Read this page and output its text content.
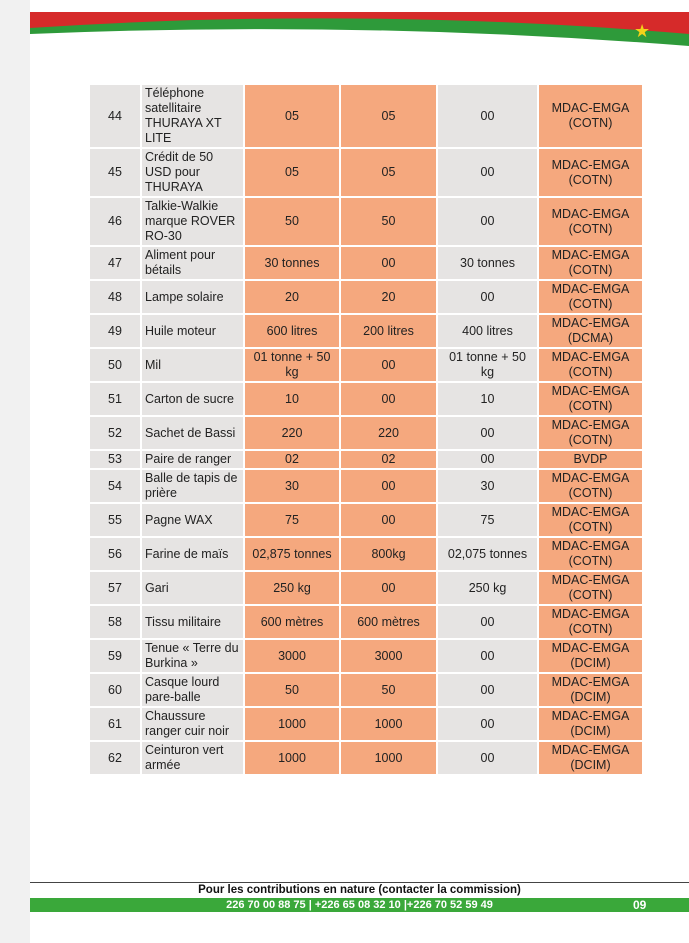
★
44	Téléphone satellitaire THURAYA XT LITE	05	05	00	MDAC-EMGA (COTN)
45	Crédit de 50 USD pour THURAYA	05	05	00	MDAC-EMGA (COTN)
46	Talkie-Walkie marque ROVER RO-30	50	50	00	MDAC-EMGA (COTN)
47	Aliment pour bétails	30 tonnes	00	30 tonnes	MDAC-EMGA (COTN)
48	Lampe solaire	20	20	00	MDAC-EMGA (COTN)
49	Huile moteur	600 litres	200 litres	400 litres	MDAC-EMGA (DCMA)
50	Mil	01 tonne + 50 kg	00	01 tonne + 50 kg	MDAC-EMGA (COTN)
51	Carton de sucre	10	00	10	MDAC-EMGA (COTN)
52	Sachet de Bassi	220	220	00	MDAC-EMGA (COTN)
53	Paire de ranger	02	02	00	BVDP
54	Balle de tapis de prière	30	00	30	MDAC-EMGA (COTN)
55	Pagne WAX	75	00	75	MDAC-EMGA (COTN)
56	Farine de maïs	02,875 tonnes	800kg	02,075 tonnes	MDAC-EMGA (COTN)
57	Gari	250 kg	00	250 kg	MDAC-EMGA (COTN)
58	Tissu militaire	600 mètres	600 mètres	00	MDAC-EMGA (COTN)
59	Tenue « Terre du Burkina »	3000	3000	00	MDAC-EMGA (DCIM)
60	Casque lourd pare-balle	50	50	00	MDAC-EMGA (DCIM)
61	Chaussure ranger cuir noir	1000	1000	00	MDAC-EMGA (DCIM)
62	Ceinturon vert armée	1000	1000	00	MDAC-EMGA (DCIM)
Pour les contributions en nature (contacter la commission)
226 70 00 88 75 | +226 65 08 32 10 |+226 70 52 59 49	09
